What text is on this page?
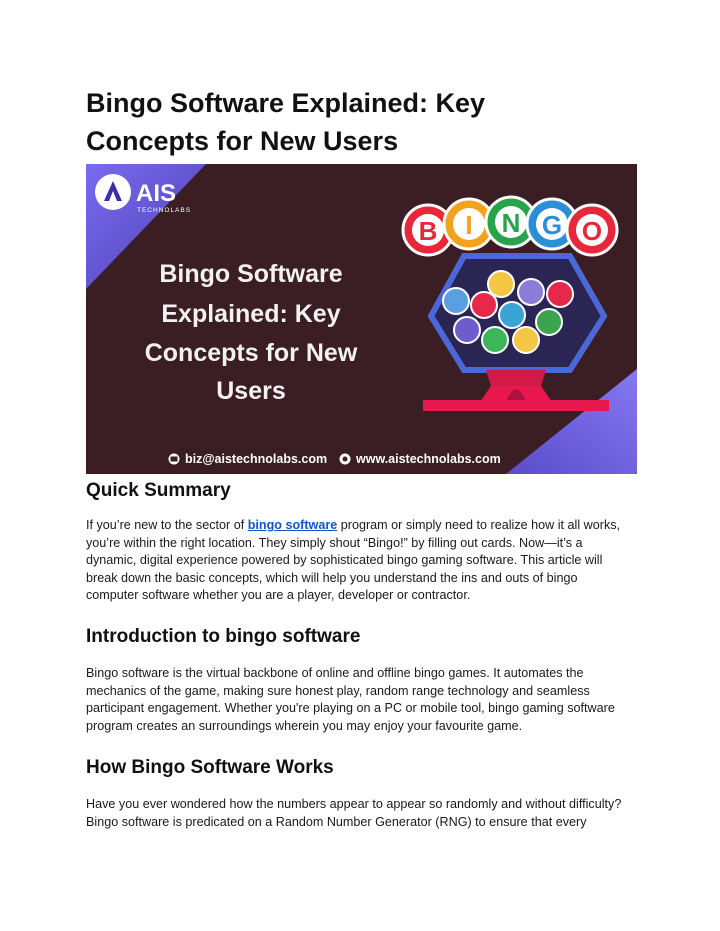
Bingo Software Explained: Key
Concepts for New Users
AIS
TECHNOLABS
Bingo Software
Explained: Key
Concepts for New
Users
B I N G O
biz@aistechnolabs.com www.aistechnolabs.com
Quick Summary

If you’re new to the sector of bingo software program or simply need to realize how it all works,
you’re within the right location. They simply shout “Bingo!” by filling out cards. Now—it’s a
dynamic, digital experience powered by sophisticated bingo gaming software. This article will
break down the basic concepts, which will help you understand the ins and outs of bingo
computer software whether you are a player, developer or contractor.

Introduction to bingo software

Bingo software is the virtual backbone of online and offline bingo games. It automates the
mechanics of the game, making sure honest play, random range technology and seamless
participant engagement. Whether you're playing on a PC or mobile tool, bingo gaming software
program creates an surroundings wherein you may enjoy your favourite game.

How Bingo Software Works

Have you ever wondered how the numbers appear to appear so randomly and without difficulty?
Bingo software is predicated on a Random Number Generator (RNG) to ensure that every
